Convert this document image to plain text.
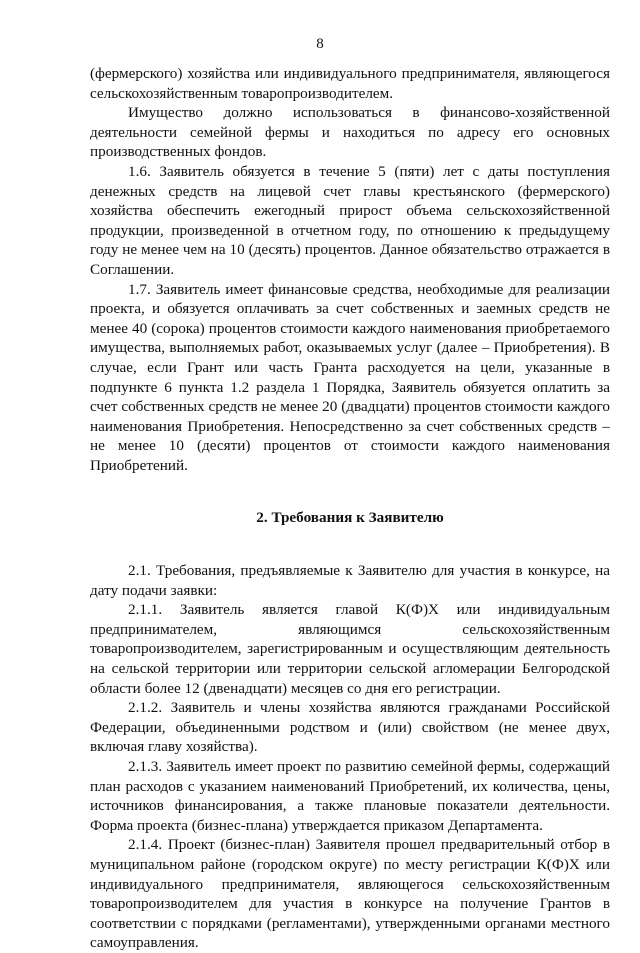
8

(фермерского) хозяйства или индивидуального предпринимателя, являющегося сельскохозяйственным товаропроизводителем.

Имущество должно использоваться в финансово-хозяйственной деятельности семейной фермы и находиться по адресу его основных производственных фондов.

1.6. Заявитель обязуется в течение 5 (пяти) лет с даты поступления денежных средств на лицевой счет главы крестьянского (фермерского) хозяйства обеспечить ежегодный прирост объема сельскохозяйственной продукции, произведенной в отчетном году, по отношению к предыдущему году не менее чем на 10 (десять) процентов. Данное обязательство отражается в Соглашении.

1.7. Заявитель имеет финансовые средства, необходимые для реализации проекта, и обязуется оплачивать за счет собственных и заемных средств не менее 40 (сорока) процентов стоимости каждого наименования приобретаемого имущества, выполняемых работ, оказываемых услуг (далее – Приобретения). В случае, если Грант или часть Гранта расходуется на цели, указанные в подпункте 6 пункта 1.2 раздела 1 Порядка, Заявитель обязуется оплатить за счет собственных средств не менее 20 (двадцати) процентов стоимости каждого наименования Приобретения. Непосредственно за счет собственных средств – не менее 10 (десяти) процентов от стоимости каждого наименования Приобретений.

2. Требования к Заявителю

2.1. Требования, предъявляемые к Заявителю для участия в конкурсе, на дату подачи заявки:

2.1.1. Заявитель является главой К(Ф)Х или индивидуальным предпринимателем, являющимся сельскохозяйственным товаропроизводителем, зарегистрированным и осуществляющим деятельность на сельской территории или территории сельской агломерации Белгородской области более 12 (двенадцати) месяцев со дня его регистрации.

2.1.2. Заявитель и члены хозяйства являются гражданами Российской Федерации, объединенными родством и (или) свойством (не менее двух, включая главу хозяйства).

2.1.3. Заявитель имеет проект по развитию семейной фермы, содержащий план расходов с указанием наименований Приобретений, их количества, цены, источников финансирования, а также плановые показатели деятельности. Форма проекта (бизнес-плана) утверждается приказом Департамента.

2.1.4. Проект (бизнес-план) Заявителя прошел предварительный отбор в муниципальном районе (городском округе) по месту регистрации К(Ф)Х или индивидуального предпринимателя, являющегося сельскохозяйственным товаропроизводителем для участия в конкурсе на получение Грантов в соответствии с порядками (регламентами), утвержденными органами местного самоуправления.
